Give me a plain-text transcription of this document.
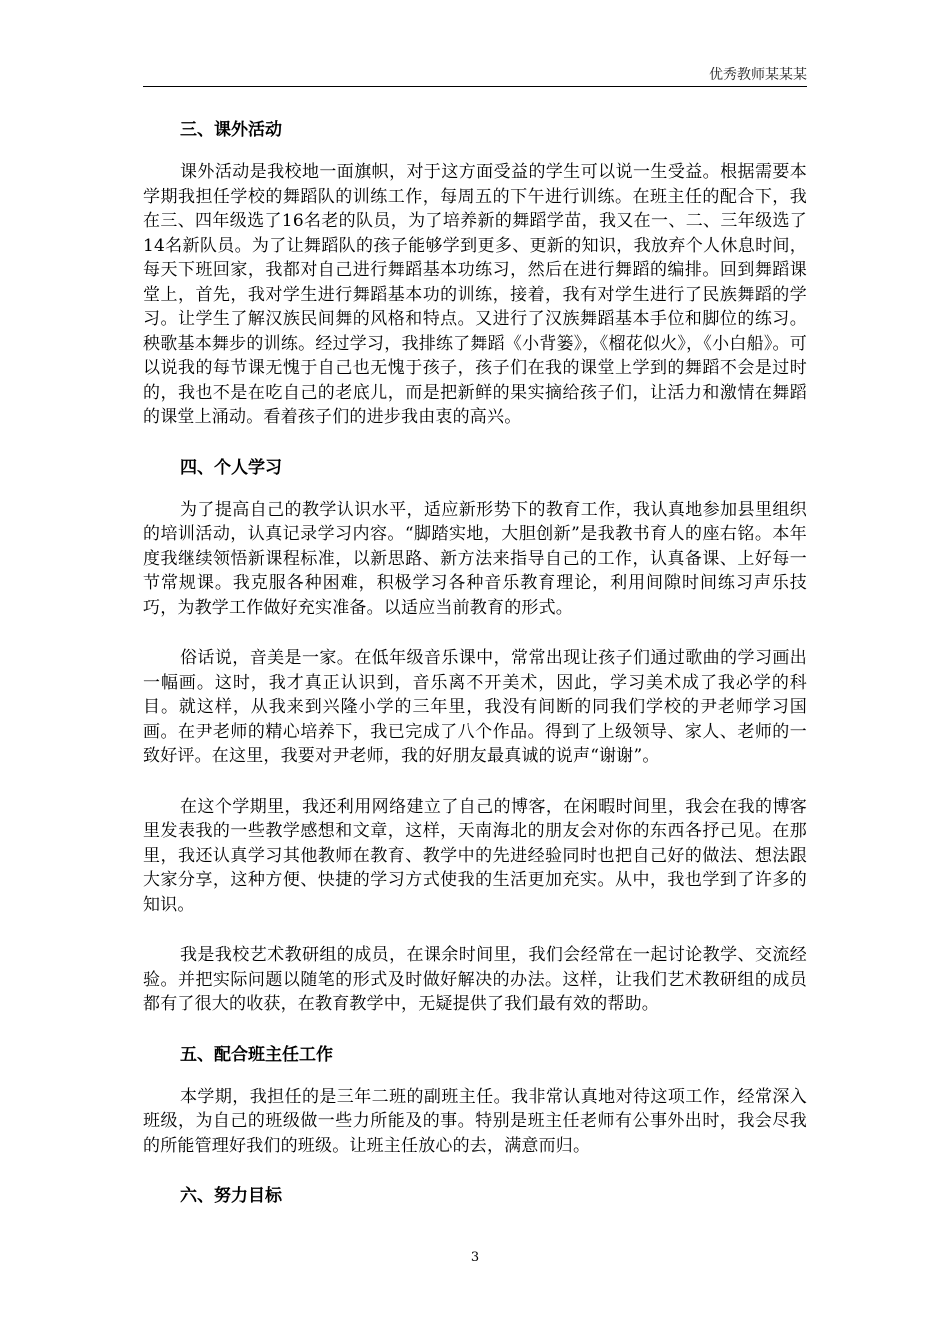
优秀教师某某某
三、课外活动

课外活动是我校地一面旗帜，对于这方面受益的学生可以说一生受益。根据需要本学期我担任学校的舞蹈队的训练工作，每周五的下午进行训练。在班主任的配合下，我在三、四年级选了16名老的队员，为了培养新的舞蹈学苗，我又在一、二、三年级选了14名新队员。为了让舞蹈队的孩子能够学到更多、更新的知识，我放弃个人休息时间，每天下班回家，我都对自己进行舞蹈基本功练习，然后在进行舞蹈的编排。回到舞蹈课堂上，首先，我对学生进行舞蹈基本功的训练，接着，我有对学生进行了民族舞蹈的学习。让学生了解汉族民间舞的风格和特点。又进行了汉族舞蹈基本手位和脚位的练习。秧歌基本舞步的训练。经过学习，我排练了舞蹈《小背篓》，《榴花似火》，《小白船》。可以说我的每节课无愧于自己也无愧于孩子，孩子们在我的课堂上学到的舞蹈不会是过时的，我也不是在吃自己的老底儿，而是把新鲜的果实摘给孩子们，让活力和激情在舞蹈的课堂上涌动。看着孩子们的进步我由衷的高兴。

四、个人学习

为了提高自己的教学认识水平，适应新形势下的教育工作，我认真地参加县里组织的培训活动，认真记录学习内容。“脚踏实地，大胆创新”是我教书育人的座右铭。本年度我继续领悟新课程标准，以新思路、新方法来指导自己的工作，认真备课、上好每一节常规课。我克服各种困难，积极学习各种音乐教育理论，利用间隙时间练习声乐技巧，为教学工作做好充实准备。以适应当前教育的形式。

俗话说，音美是一家。在低年级音乐课中，常常出现让孩子们通过歌曲的学习画出一幅画。这时，我才真正认识到，音乐离不开美术，因此，学习美术成了我必学的科目。就这样，从我来到兴隆小学的三年里，我没有间断的同我们学校的尹老师学习国画。在尹老师的精心培养下，我已完成了八个作品。得到了上级领导、家人、老师的一致好评。在这里，我要对尹老师，我的好朋友最真诚的说声“谢谢”。

在这个学期里，我还利用网络建立了自己的博客，在闲暇时间里，我会在我的博客里发表我的一些教学感想和文章，这样，天南海北的朋友会对你的东西各抒己见。在那里，我还认真学习其他教师在教育、教学中的先进经验同时也把自己好的做法、想法跟大家分享，这种方便、快捷的学习方式使我的生活更加充实。从中，我也学到了许多的知识。

我是我校艺术教研组的成员，在课余时间里，我们会经常在一起讨论教学、交流经验。并把实际问题以随笔的形式及时做好解决的办法。这样，让我们艺术教研组的成员都有了很大的收获，在教育教学中，无疑提供了我们最有效的帮助。

五、配合班主任工作

本学期，我担任的是三年二班的副班主任。我非常认真地对待这项工作，经常深入班级，为自己的班级做一些力所能及的事。特别是班主任老师有公事外出时，我会尽我的所能管理好我们的班级。让班主任放心的去，满意而归。

六、努力目标
3
